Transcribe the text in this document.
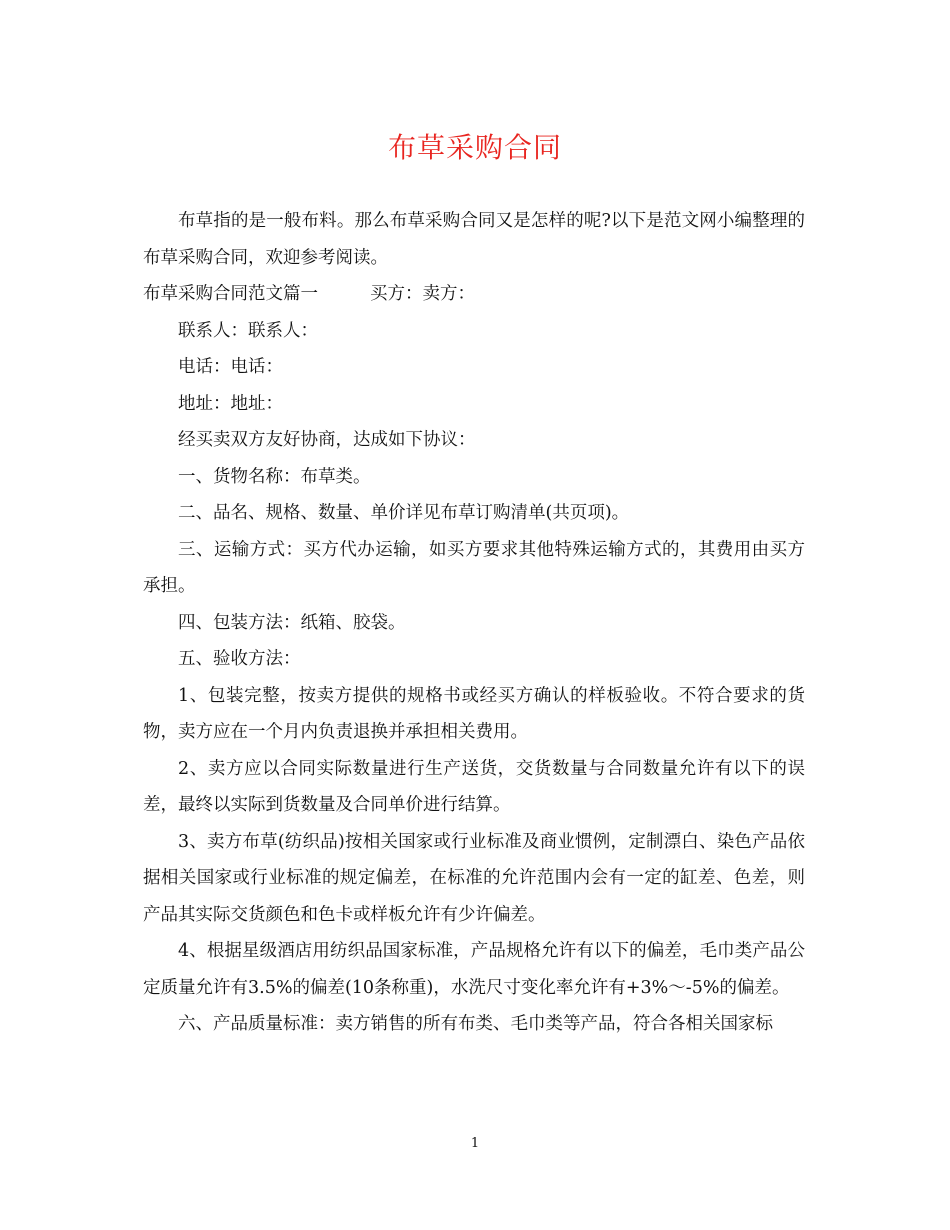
布草采购合同

布草指的是一般布料。那么布草采购合同又是怎样的呢?以下是范文网小编整理的布草采购合同，欢迎参考阅读。

布草采购合同范文篇一	买方：卖方：

联系人：联系人：

电话：电话：

地址：地址：

经买卖双方友好协商，达成如下协议：

一、货物名称：布草类。

二、品名、规格、数量、单价详见布草订购清单(共页项)。

三、运输方式：买方代办运输，如买方要求其他特殊运输方式的，其费用由买方承担。

四、包装方法：纸箱、胶袋。

五、验收方法：

1、包装完整，按卖方提供的规格书或经买方确认的样板验收。不符合要求的货物，卖方应在一个月内负责退换并承担相关费用。

2、卖方应以合同实际数量进行生产送货，交货数量与合同数量允许有以下的误差，最终以实际到货数量及合同单价进行结算。

3、卖方布草(纺织品)按相关国家或行业标准及商业惯例，定制漂白、染色产品依据相关国家或行业标准的规定偏差，在标准的允许范围内会有一定的缸差、色差，则产品其实际交货颜色和色卡或样板允许有少许偏差。

4、根据星级酒店用纺织品国家标准，产品规格允许有以下的偏差，毛巾类产品公定质量允许有3.5%的偏差(10条称重)，水洗尺寸变化率允许有+3%～-5%的偏差。

六、产品质量标准：卖方销售的所有布类、毛巾类等产品，符合各相关国家标

1
